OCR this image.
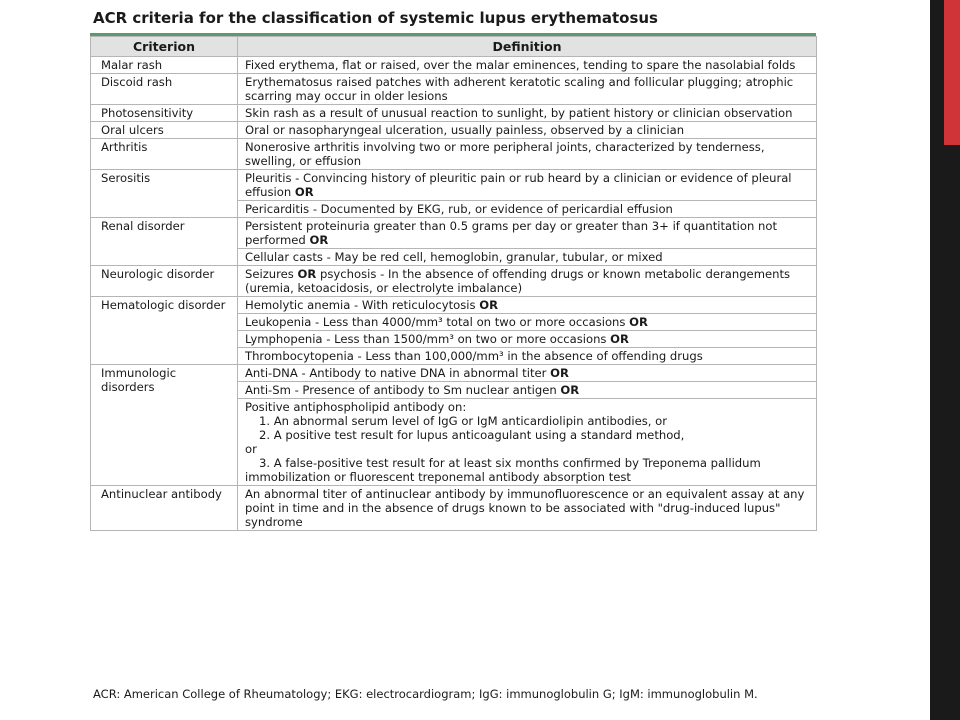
ACR criteria for the classification of systemic lupus erythematosus
Criterion	Definition
Malar rash	Fixed erythema, flat or raised, over the malar eminences, tending to spare the nasolabial folds
Discoid rash	Erythematosus raised patches with adherent keratotic scaling and follicular plugging; atrophic scarring may occur in older lesions
Photosensitivity	Skin rash as a result of unusual reaction to sunlight, by patient history or clinician observation
Oral ulcers	Oral or nasopharyngeal ulceration, usually painless, observed by a clinician
Arthritis	Nonerosive arthritis involving two or more peripheral joints, characterized by tenderness, swelling, or effusion
Serositis	Pleuritis - Convincing history of pleuritic pain or rub heard by a clinician or evidence of pleural effusion OR
	Pericarditis - Documented by EKG, rub, or evidence of pericardial effusion
Renal disorder	Persistent proteinuria greater than 0.5 grams per day or greater than 3+ if quantitation not performed OR
	Cellular casts - May be red cell, hemoglobin, granular, tubular, or mixed
Neurologic disorder	Seizures OR psychosis - In the absence of offending drugs or known metabolic derangements (uremia, ketoacidosis, or electrolyte imbalance)
Hematologic disorder	Hemolytic anemia - With reticulocytosis OR
	Leukopenia - Less than 4000/mm³ total on two or more occasions OR
	Lymphopenia - Less than 1500/mm³ on two or more occasions OR
	Thrombocytopenia - Less than 100,000/mm³ in the absence of offending drugs
Immunologic disorders	Anti-DNA - Antibody to native DNA in abnormal titer OR
	Anti-Sm - Presence of antibody to Sm nuclear antigen OR

	Positive antiphospholipid antibody on:
1. An abnormal serum level of IgG or IgM anticardiolipin antibodies, or
2. A positive test result for lupus anticoagulant using a standard method,
or
3. A false-positive test result for at least six months confirmed by Treponema pallidum immobilization or fluorescent treponemal antibody absorption test

Antinuclear antibody	An abnormal titer of antinuclear antibody by immunofluorescence or an equivalent assay at any point in time and in the absence of drugs known to be associated with "drug-induced lupus" syndrome
ACR: American College of Rheumatology; EKG: electrocardiogram; IgG: immunoglobulin G; IgM: immunoglobulin M.
